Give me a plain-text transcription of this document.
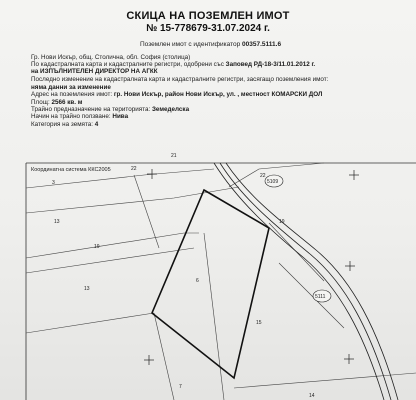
СКИЦА НА ПОЗЕМЛЕН ИМОТ
№ 15-778679-31.07.2024 г.
Поземлен имот с идентификатор 00357.5111.6
Гр. Нови Искър, общ. Столична, обл. София (столица)
По кадастралната карта и кадастралните регистри, одобрени със Заповед РД-18-3/11.01.2012 г.
на ИЗПЪЛНИТЕЛЕН ДИРЕКТОР НА АГКК
Последно изменение на кадастралната карта и кадастралните регистри, засягащо поземления имот:
няма данни за изменение
Адрес на поземления имот: гр. Нови Искър, район Нови Искър, ул. , местност КОМАРСКИ ДОЛ
Площ: 2566 кв. м
Трайно предназначение на територията: Земеделска
Начин на трайно ползване: Нива
Категория на земята: 4
Координатна система ККС2005
21
22
3
13
19
13
6
15
7
14
22
19
5109
5111
